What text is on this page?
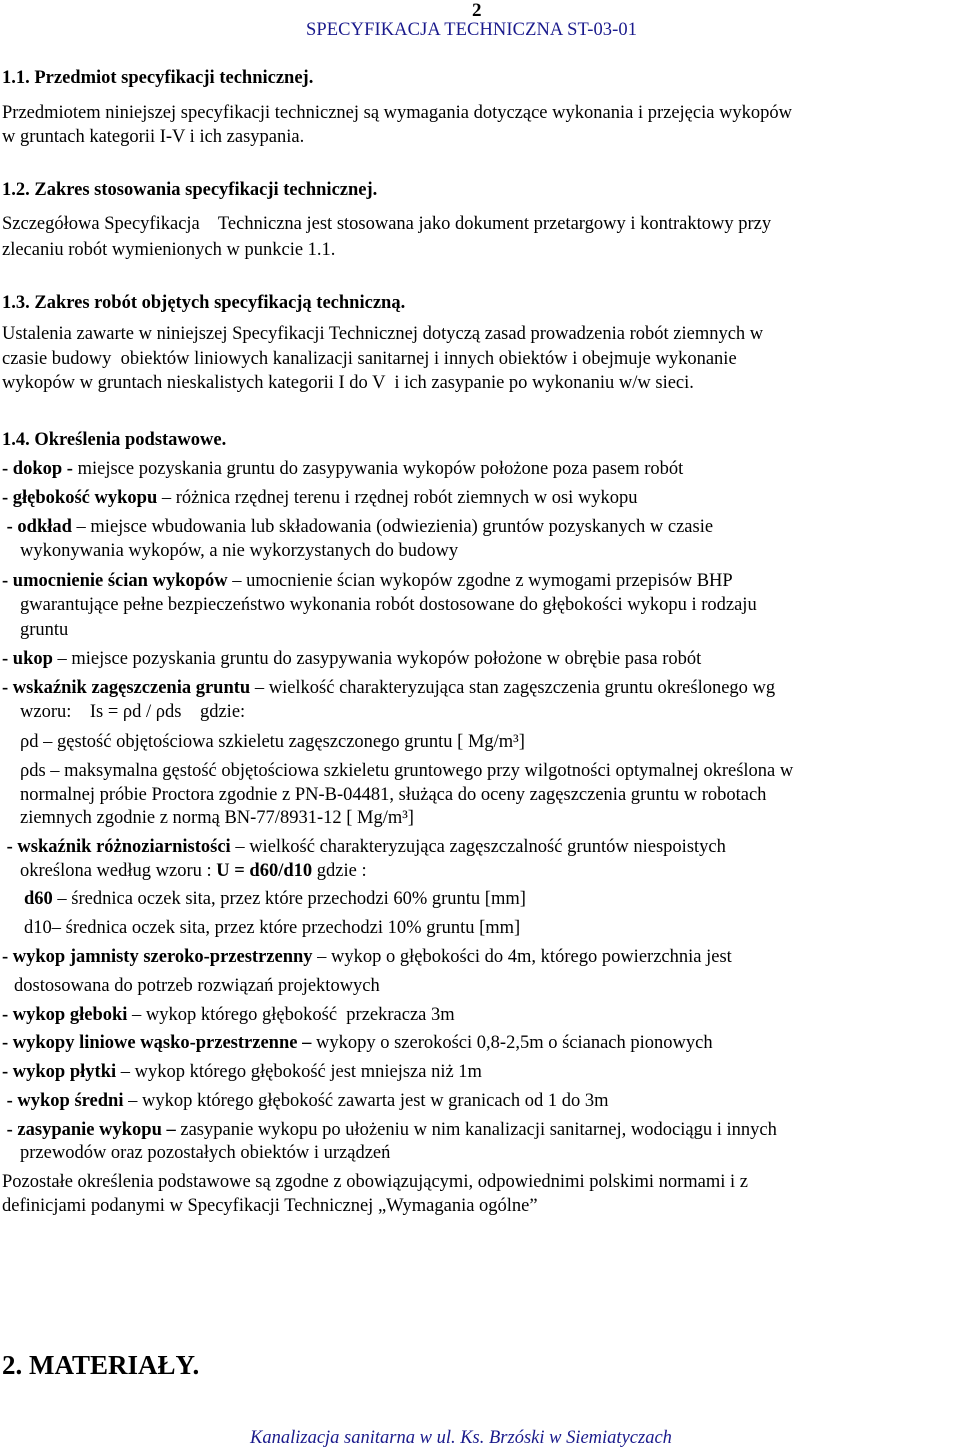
2
SPECYFIKACJA TECHNICZNA ST-03-01
1.1. Przedmiot specyfikacji technicznej.
Przedmiotem niniejszej specyfikacji technicznej są wymagania dotyczące wykonania i przejęcia wykopów
w gruntach kategorii I-V i ich zasypania.
1.2. Zakres stosowania specyfikacji technicznej.
Szczegółowa Specyfikacja    Techniczna jest stosowana jako dokument przetargowy i kontraktowy przy
zlecaniu robót wymienionych w punkcie 1.1.
1.3. Zakres robót objętych specyfikacją techniczną.
Ustalenia zawarte w niniejszej Specyfikacji Technicznej dotyczą zasad prowadzenia robót ziemnych w
czasie budowy  obiektów liniowych kanalizacji sanitarnej i innych obiektów i obejmuje wykonanie
wykopów w gruntach nieskalistych kategorii I do V  i ich zasypanie po wykonaniu w/w sieci.
1.4. Określenia podstawowe.
- dokop - miejsce pozyskania gruntu do zasypywania wykopów położone poza pasem robót
- głębokość wykopu – różnica rzędnej terenu i rzędnej robót ziemnych w osi wykopu
- odkład – miejsce wbudowania lub składowania (odwiezienia) gruntów pozyskanych w czasie
wykonywania wykopów, a nie wykorzystanych do budowy
- umocnienie ścian wykopów – umocnienie ścian wykopów zgodne z wymogami przepisów BHP
gwarantujące pełne bezpieczeństwo wykonania robót dostosowane do głębokości wykopu i rodzaju
gruntu
- ukop – miejsce pozyskania gruntu do zasypywania wykopów położone w obrębie pasa robót
- wskaźnik zagęszczenia gruntu – wielkość charakteryzująca stan zagęszczenia gruntu określonego wg
wzoru:    Is = ρd / ρds    gdzie:
ρd – gęstość objętościowa szkieletu zagęszczonego gruntu [ Mg/m³]
ρds – maksymalna gęstość objętościowa szkieletu gruntowego przy wilgotności optymalnej określona w
normalnej próbie Proctora zgodnie z PN-B-04481, służąca do oceny zagęszczenia gruntu w robotach
ziemnych zgodnie z normą BN-77/8931-12 [ Mg/m³]
- wskaźnik różnoziarnistości – wielkość charakteryzująca zagęszczalność gruntów niespoistych
określona według wzoru : U = d60/d10 gdzie :
d60 – średnica oczek sita, przez które przechodzi 60% gruntu [mm]
d10– średnica oczek sita, przez które przechodzi 10% gruntu [mm]
- wykop jamnisty szeroko-przestrzenny – wykop o głębokości do 4m, którego powierzchnia jest
dostosowana do potrzeb rozwiązań projektowych
- wykop głeboki – wykop którego głębokość  przekracza 3m
- wykopy liniowe wąsko-przestrzenne – wykopy o szerokości 0,8-2,5m o ścianach pionowych
- wykop płytki – wykop którego głębokość jest mniejsza niż 1m
- wykop średni – wykop którego głębokość zawarta jest w granicach od 1 do 3m
- zasypanie wykopu – zasypanie wykopu po ułożeniu w nim kanalizacji sanitarnej, wodociągu i innych
przewodów oraz pozostałych obiektów i urządzeń
Pozostałe określenia podstawowe są zgodne z obowiązującymi, odpowiednimi polskimi normami i z
definicjami podanymi w Specyfikacji Technicznej „Wymagania ogólne”
2. MATERIAŁY.
Kanalizacja sanitarna w ul. Ks. Brzóski w Siemiatyczach
